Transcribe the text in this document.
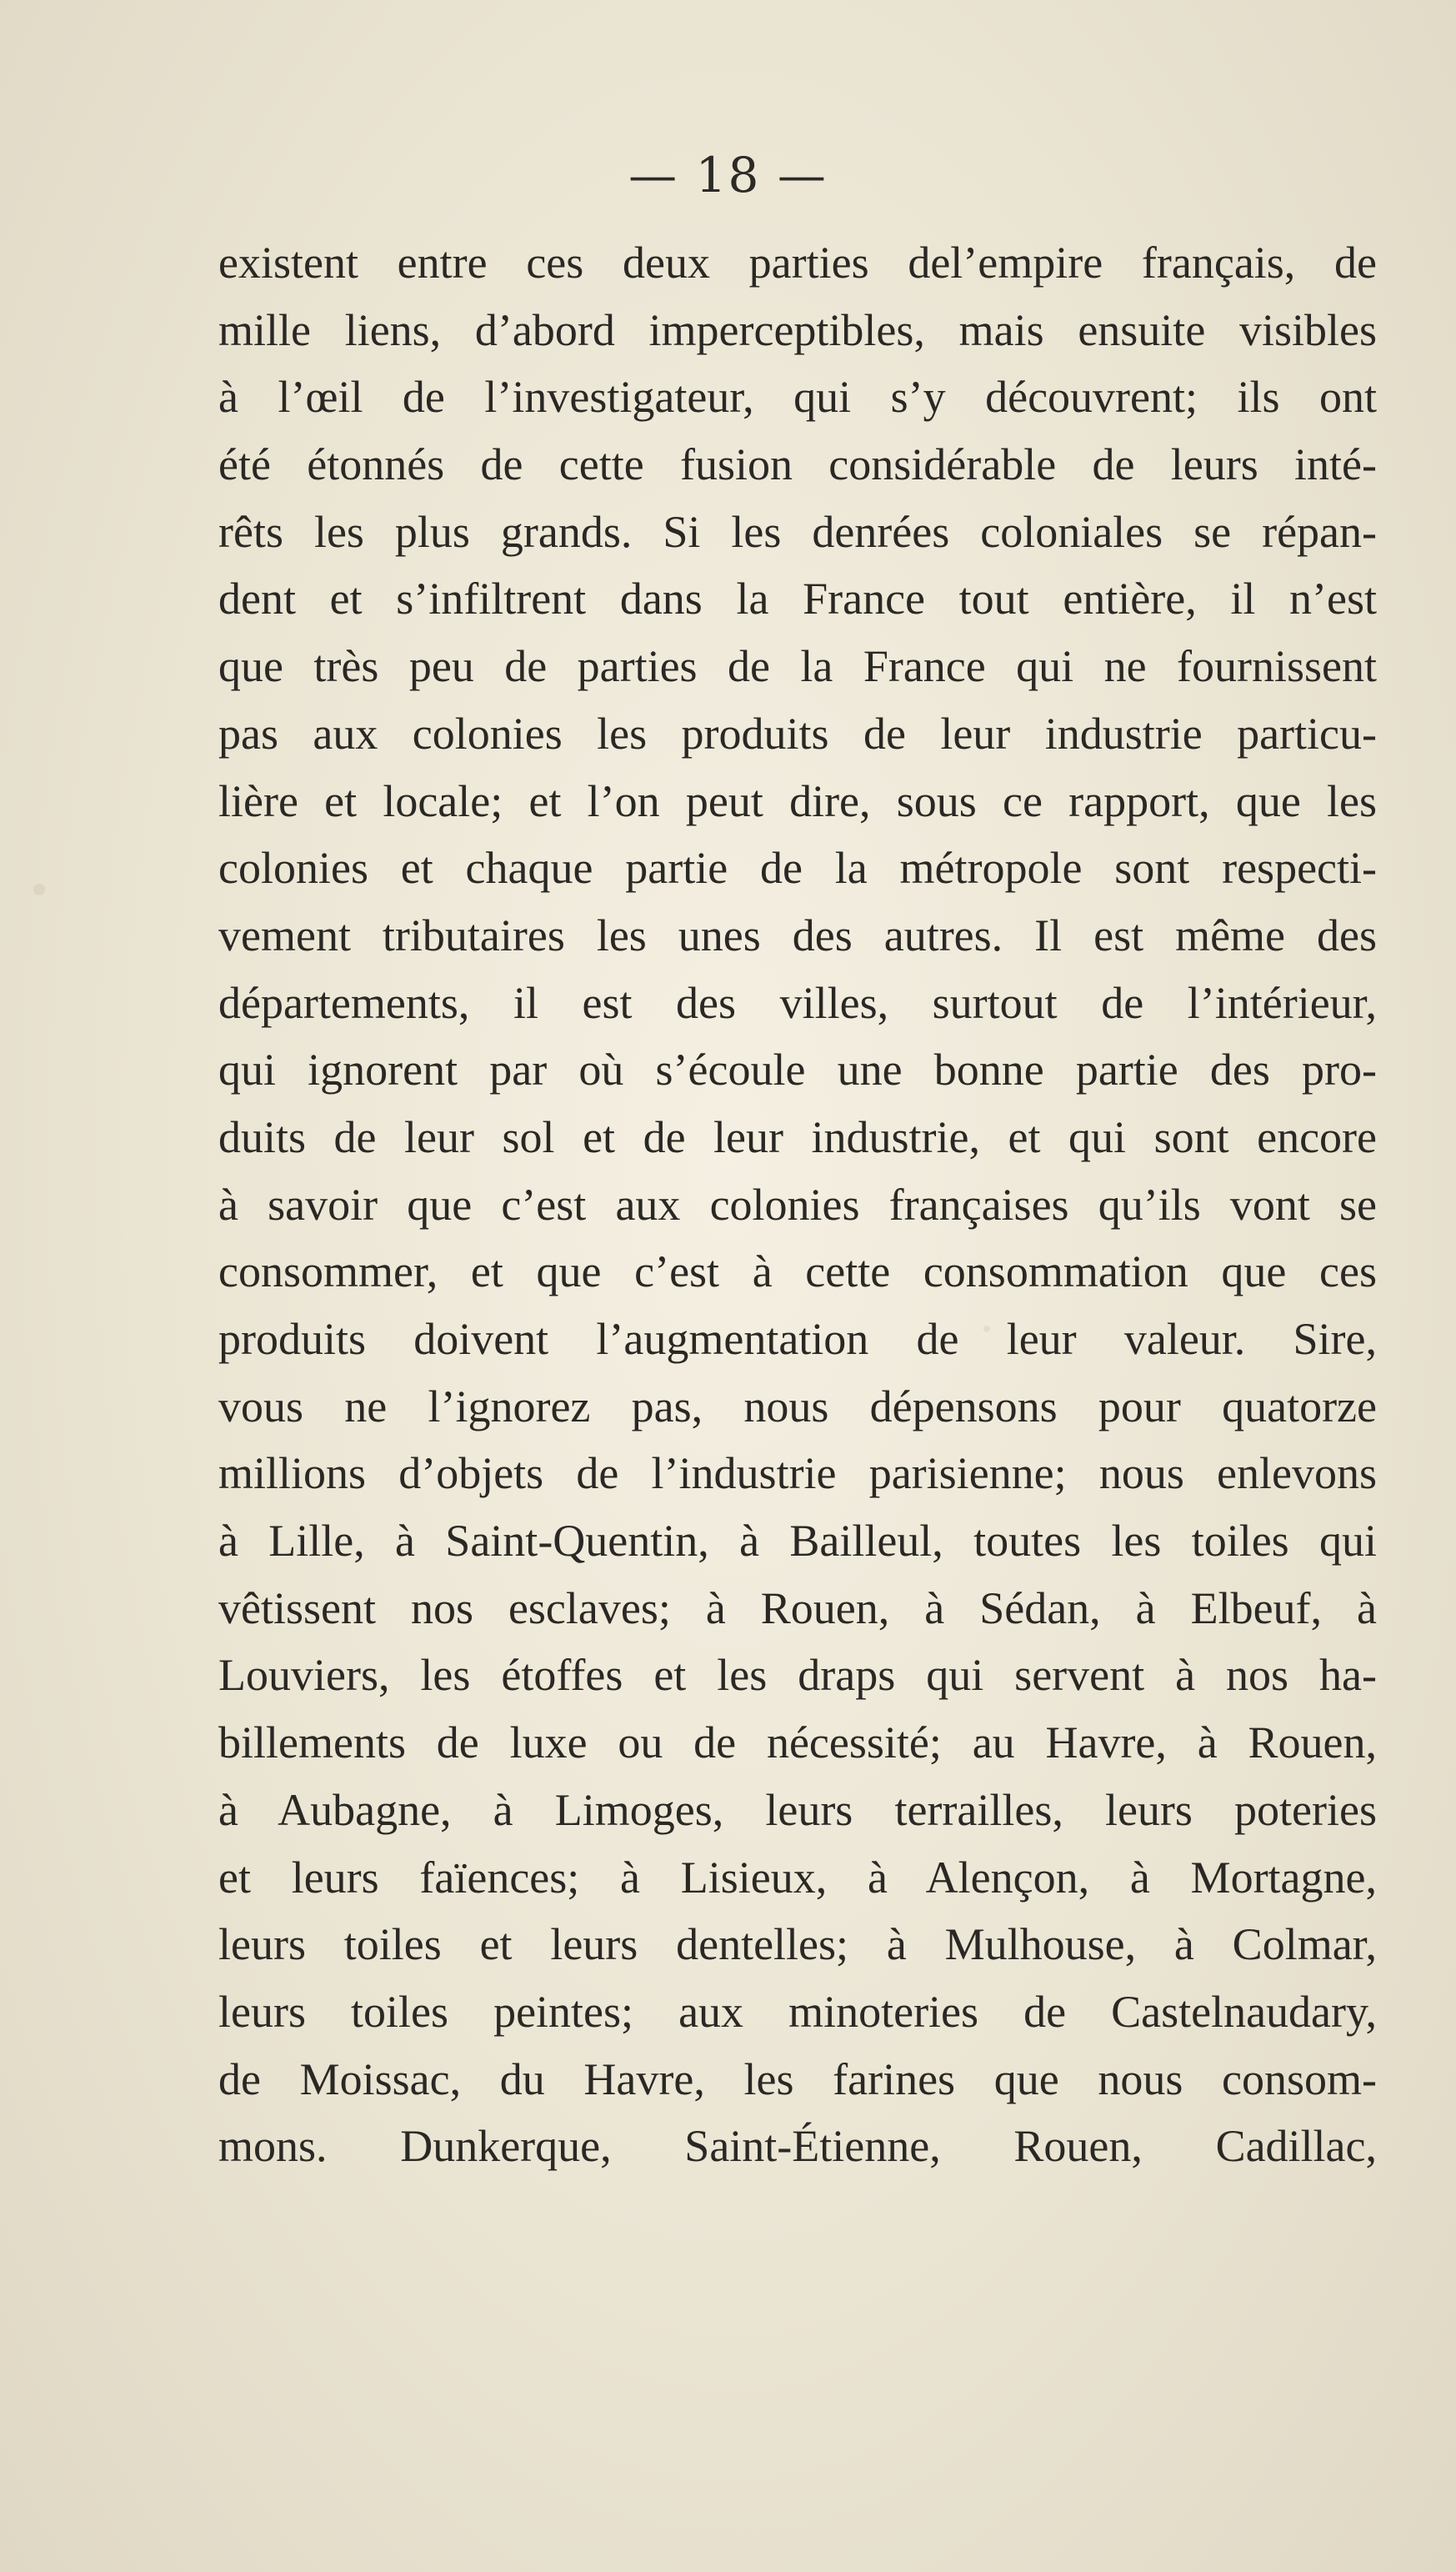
— 18 —
existent entre ces deux parties del’empire français, de
mille liens, d’abord imperceptibles, mais ensuite visibles
à l’œil de l’investigateur, qui s’y découvrent; ils ont
été étonnés de cette fusion considérable de leurs inté-
rêts les plus grands. Si les denrées coloniales se répan-
dent et s’infiltrent dans la France tout entière, il n’est
que très peu de parties de la France qui ne fournissent
pas aux colonies les produits de leur industrie particu-
lière et locale; et l’on peut dire, sous ce rapport, que les
colonies et chaque partie de la métropole sont respecti-
vement tributaires les unes des autres. Il est même des
départements, il est des villes, surtout de l’intérieur,
qui ignorent par où s’écoule une bonne partie des pro-
duits de leur sol et de leur industrie, et qui sont encore
à savoir que c’est aux colonies françaises qu’ils vont se
consommer, et que c’est à cette consommation que ces
produits doivent l’augmentation de leur valeur. Sire,
vous ne l’ignorez pas, nous dépensons pour quatorze
millions d’objets de l’industrie parisienne; nous enlevons
à Lille, à Saint-Quentin, à Bailleul, toutes les toiles qui
vêtissent nos esclaves; à Rouen, à Sédan, à Elbeuf, à
Louviers, les étoffes et les draps qui servent à nos ha-
billements de luxe ou de nécessité; au Havre, à Rouen,
à Aubagne, à Limoges, leurs terrailles, leurs poteries
et leurs faïences; à Lisieux, à Alençon, à Mortagne,
leurs toiles et leurs dentelles; à Mulhouse, à Colmar,
leurs toiles peintes; aux minoteries de Castelnaudary,
de Moissac, du Havre, les farines que nous consom-
mons. Dunkerque, Saint-Étienne, Rouen, Cadillac,
